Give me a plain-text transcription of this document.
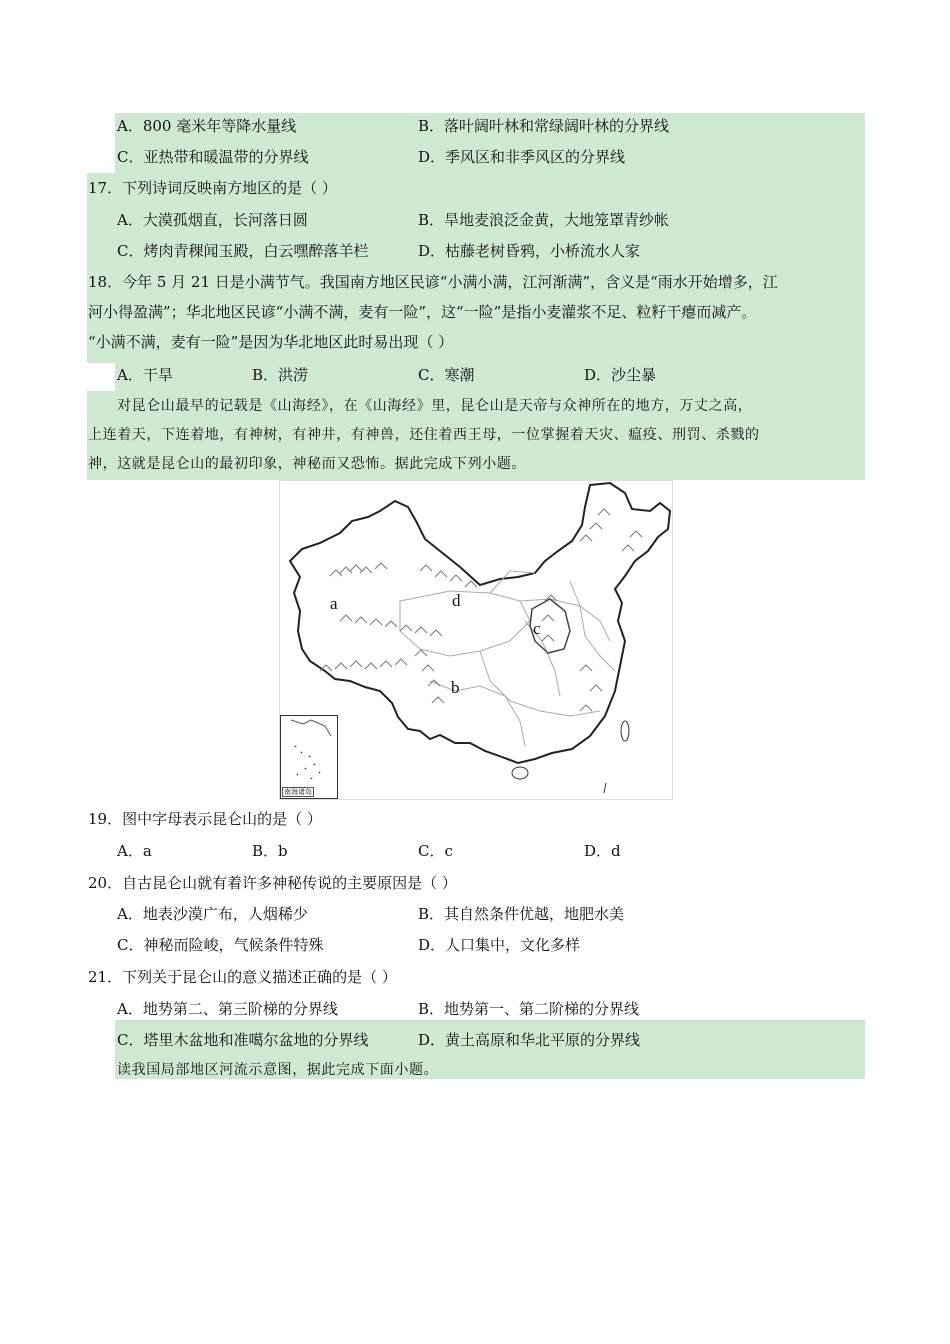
A．800 毫米年等降水量线	B．落叶阔叶林和常绿阔叶林的分界线
C．亚热带和暖温带的分界线	D．季风区和非季风区的分界线
17．下列诗词反映南方地区的是（ ）
A．大漠孤烟直，长河落日圆	B．旱地麦浪泛金黄，大地笼罩青纱帐
C．烤肉青稞闻玉殿，白云嘿醉落羊栏	D．枯藤老树昏鸦，小桥流水人家
18．今年 5 月 21 日是小满节气。我国南方地区民谚“小满小满，江河渐满”，含义是“雨水开始增多，江
河小得盈满”；华北地区民谚“小满不满，麦有一险”，这“一险”是指小麦灌浆不足、粒籽干瘪而减产。
“小满不满，麦有一险”是因为华北地区此时易出现（ ）
A．干旱	B．洪涝	C．寒潮	D．沙尘暴
对昆仑山最早的记载是《山海经》，在《山海经》里，昆仑山是天帝与众神所在的地方，万丈之高，
上连着天，下连着地，有神树，有神井，有神兽，还住着西王母，一位掌握着天灾、瘟疫、刑罚、杀戮的
神，这就是昆仑山的最初印象，神秘而又恐怖。据此完成下列小题。
a	d
c
b
南海诸岛
19．图中字母表示昆仑山的是（ ）
A．a	B．b	C．c	D．d
20．自古昆仑山就有着许多神秘传说的主要原因是（ ）
A．地表沙漠广布，人烟稀少	B．其自然条件优越，地肥水美
C．神秘而险峻，气候条件特殊	D．人口集中，文化多样
21．下列关于昆仑山的意义描述正确的是（ ）
A．地势第二、第三阶梯的分界线	B．地势第一、第二阶梯的分界线
C．塔里木盆地和准噶尔盆地的分界线	D．黄土高原和华北平原的分界线
读我国局部地区河流示意图，据此完成下面小题。
